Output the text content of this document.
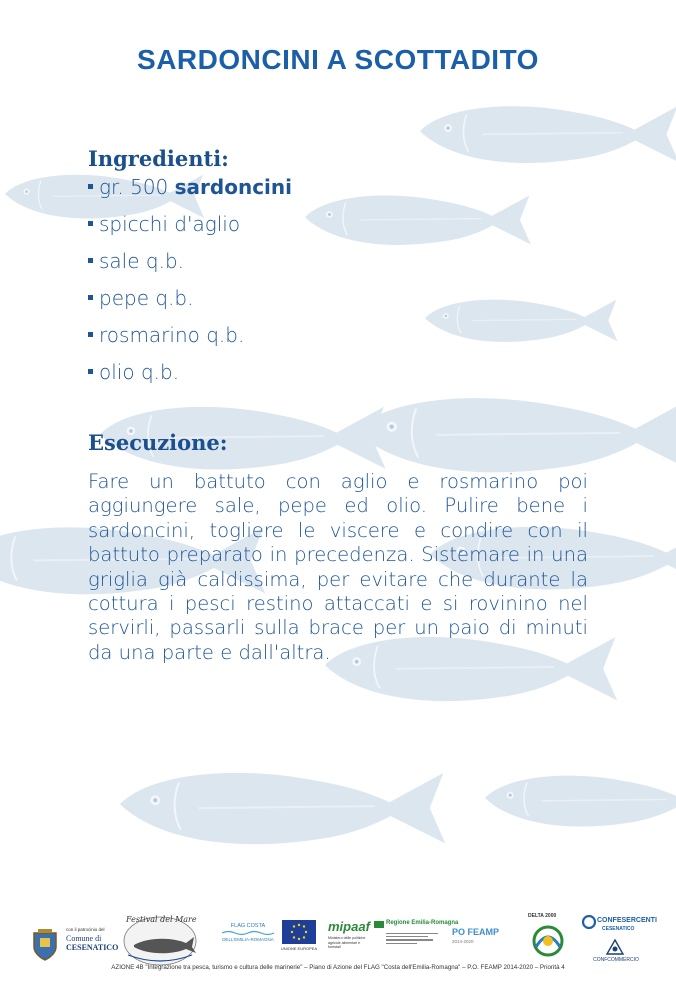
SARDONCINI A SCOTTADITO
Ingredienti:
gr. 500 sardoncini
spicchi d'aglio
sale q.b.
pepe q.b.
rosmarino q.b.
olio q.b.
Esecuzione:
Fare un battuto con aglio e rosmarino poi aggiungere sale, pepe ed olio. Pulire bene i sardoncini, togliere le viscere e condire con il battuto preparato in precedenza. Sistemare in una griglia già caldissima, per evitare che durante la cottura i pesci restino attaccati e si rovinino nel servirli, passarli sulla brace per un paio di minuti da una parte e dall'altra.
con il patrocinio del
Comune di
CESENATICO
Festival del Mare
FLAG COSTA
DELL'EMILIA-ROMAGNA
UNIONE EUROPEA
mipaaf
Ministero delle politiche agricole alimentari e forestali
Regione Emilia-Romagna
PO FEAMP
2014-2020
DELTA 2000
CONFESERCENTI
CESENATICO
CONFCOMMERCIO
AZIONE 4B "Integrazione tra pesca, turismo e cultura delle marinerie" – Piano di Azione del FLAG "Costa dell'Emilia-Romagna" – P.O. FEAMP 2014-2020 – Priorità 4
